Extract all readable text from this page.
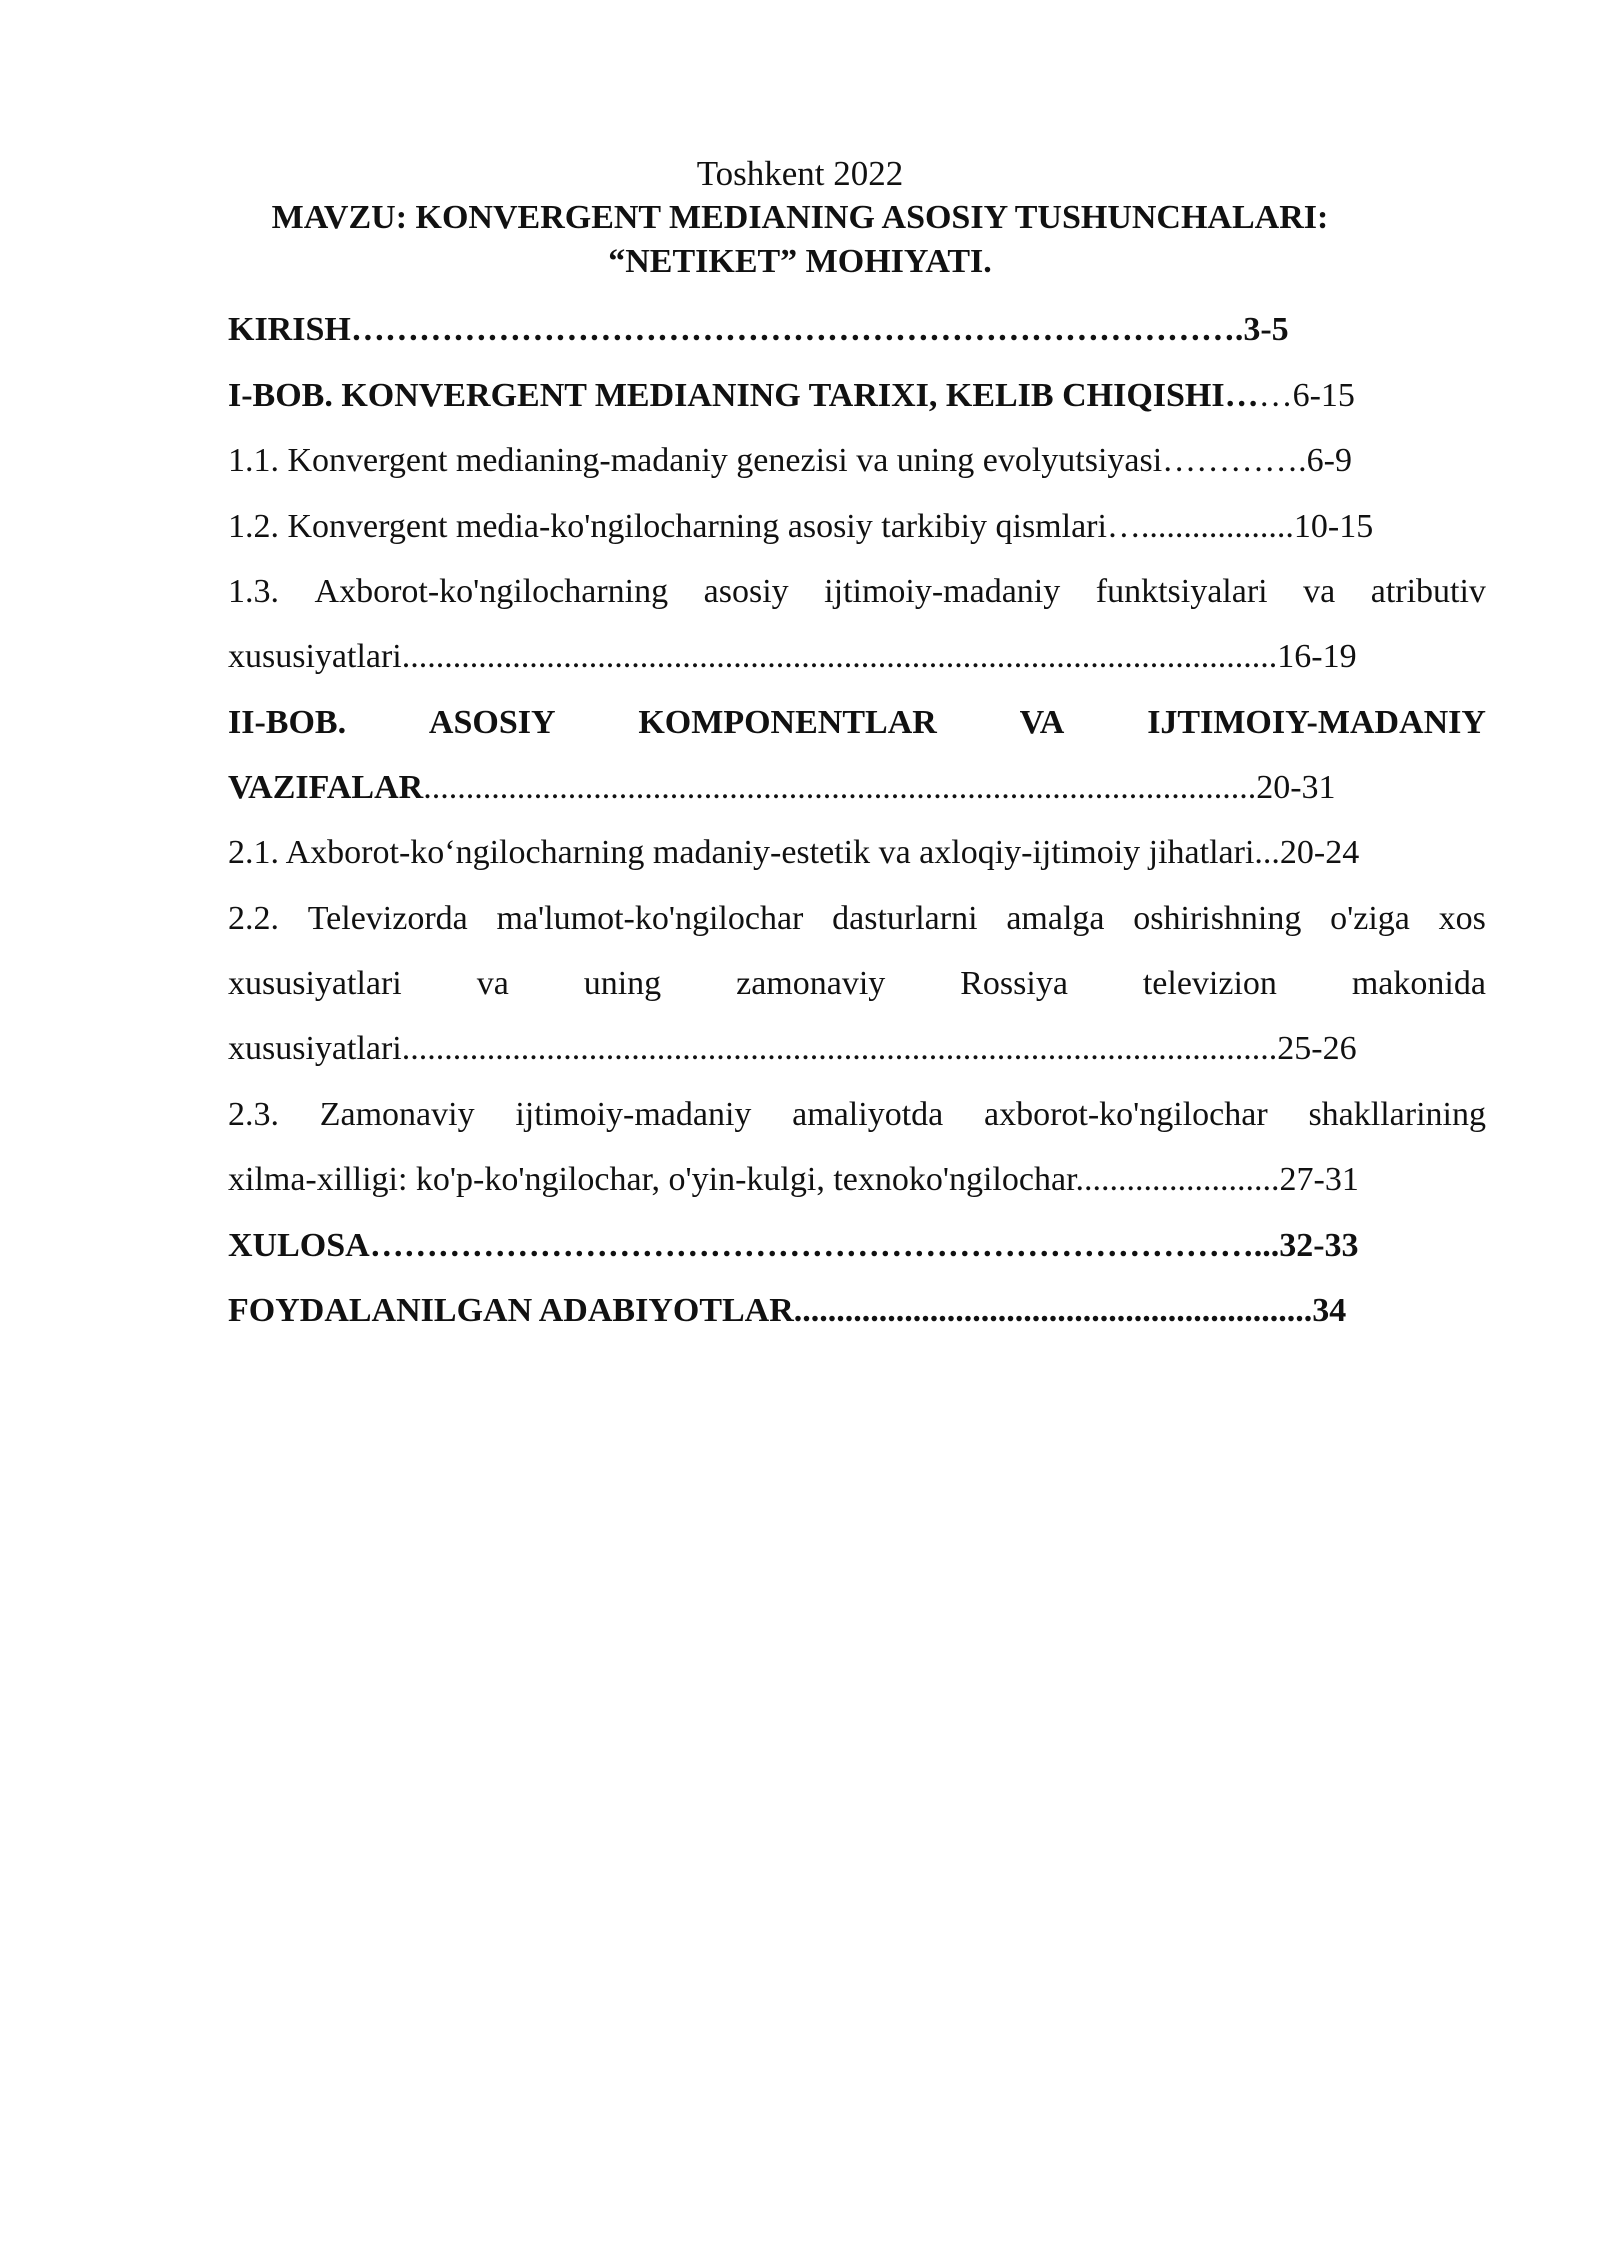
Toshkent 2022
MAVZU: KONVERGENT MEDIANING ASOSIY TUSHUNCHALARI:
“NETIKET” MOHIYATI.
KIRISH…………………………………………………………………….3-5
I-BOB. KONVERGENT MEDIANING TARIXI, KELIB CHIQISHI……6-15
1.1. Konvergent medianing-madaniy genezisi va uning evolyutsiyasi………….6-9
1.2. Konvergent media-ko'ngilocharning asosiy tarkibiy qismlari…..................10-15
1.3. Axborot-ko'ngilocharning asosiy ijtimoiy-madaniy funktsiyalari va atributiv
xususiyatlari.......................................................................................................16-19
II-BOB. ASOSIY KOMPONENTLAR VA IJTIMOIY-MADANIY
VAZIFALAR..................................................................................................20-31
2.1. Axborot-ko‘ngilocharning madaniy-estetik va axloqiy-ijtimoiy jihatlari...20-24
2.2. Televizorda ma'lumot-ko'ngilochar dasturlarni amalga oshirishning o'ziga xos
xususiyatlari va uning zamonaviy Rossiya televizion makonida
xususiyatlari.......................................................................................................25-26
2.3. Zamonaviy ijtimoiy-madaniy amaliyotda axborot-ko'ngilochar shakllarining
xilma-xilligi: ko'p-ko'ngilochar, o'yin-kulgi, texnoko'ngilochar........................27-31
XULOSA……………………………………………………………………...32-33
FOYDALANILGAN ADABIYOTLAR.............................................................34
